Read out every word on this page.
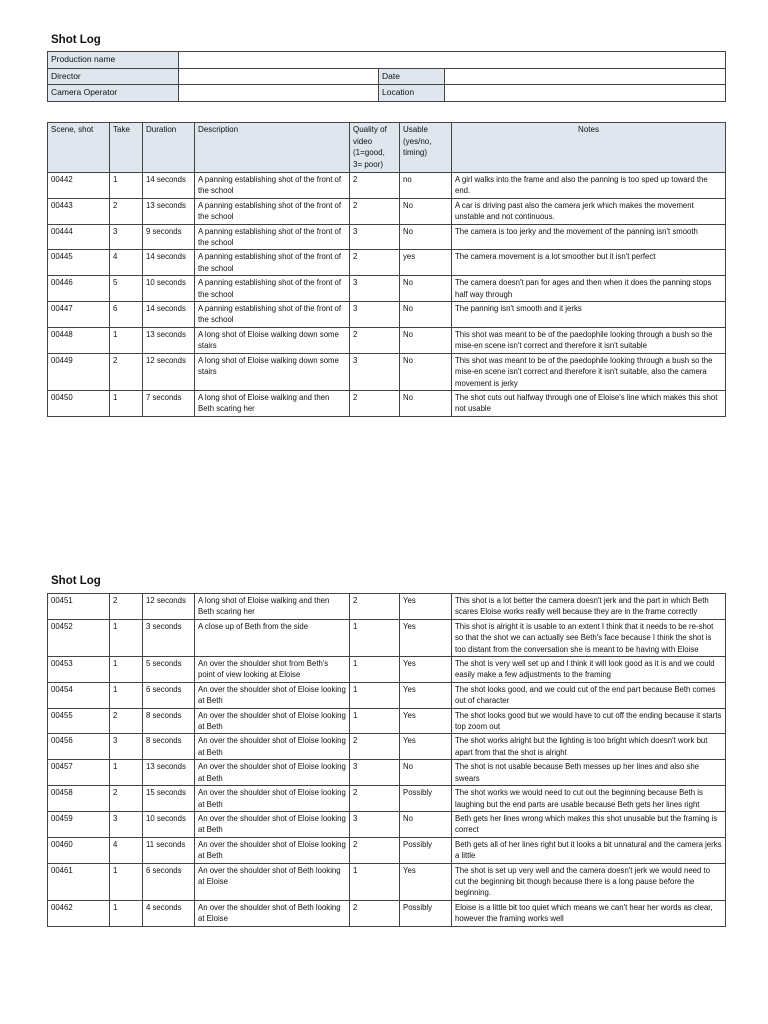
Shot Log
Production name			
Director		Date	
Camera Operator		Location	
Scene, shot	Take	Duration	Description	Quality of video (1=good, 3= poor)	Usable (yes/no, timing)	Notes
00442	1	14 seconds	A panning establishing shot of the front of the school	2	no	A girl walks into the frame and also the panning is too sped up toward the end.
00443	2	13 seconds	A panning establishing shot of the front of the school	2	No	A car is driving past also the camera jerk which makes the movement unstable and not continuous.
00444	3	9 seconds	A panning establishing shot of the front of the school	3	No	The camera is too jerky and the movement of the panning isn't smooth
00445	4	14 seconds	A panning establishing shot of the front of the school	2	yes	The camera movement is a lot smoother but it isn't perfect
00446	5	10 seconds	A panning establishing shot of the front of the school	3	No	The camera doesn't pan for ages and then when it does the panning stops half way through
00447	6	14 seconds	A panning establishing shot of the front of the school	3	No	The panning isn't smooth and it jerks
00448	1	13 seconds	A long shot of Eloise walking down some stairs	2	No	This shot was meant to be of the paedophile looking through a bush so the mise-en scene isn't correct and therefore it isn't suitable
00449	2	12 seconds	A long shot of Eloise walking down some stairs	3	No	This shot was meant to be of the paedophile looking through a bush so the mise-en scene isn't correct and therefore it isn't suitable, also the camera movement is jerky
00450	1	7 seconds	A long shot of Eloise walking and then Beth scaring her	2	No	The shot cuts out halfway through one of Eloise's line which makes this shot not usable
Shot Log
00451	2	12 seconds	A long shot of Eloise walking and then Beth scaring her	2	Yes	This shot is a lot better the camera doesn't jerk and the part in which Beth scares Eloise works really well because they are in the frame correctly
00452	1	3 seconds	A close up of Beth from the side	1	Yes	This shot is alright it is usable to an extent I think that it needs to be re-shot so that the shot we can actually see Beth's face because I think the shot is too distant from the conversation she is meant to be having with Eloise
00453	1	5 seconds	An over the shoulder shot from Beth's point of view looking at Eloise	1	Yes	The shot is very well set up and I think it will look good as it is and we could easily make a few adjustments to the framing
00454	1	6 seconds	An over the shoulder shot of Eloise looking at Beth	1	Yes	The shot looks good, and we could cut of the end part because Beth comes out of character
00455	2	8 seconds	An over the shoulder shot of Eloise looking at Beth	1	Yes	The shot looks good but we would have to cut off the ending because it starts top zoom out
00456	3	8 seconds	An over the shoulder shot of Eloise looking at Beth	2	Yes	The shot works alright but the lighting is too bright which doesn't work but apart from that the shot is alright
00457	1	13 seconds	An over the shoulder shot of Eloise looking at Beth	3	No	The shot is not usable because Beth messes up her lines and also she swears
00458	2	15 seconds	An over the shoulder shot of Eloise looking at Beth	2	Possibly	The shot works we would need to cut out the beginning because Beth is laughing but the end parts are usable because Beth gets her lines right
00459	3	10 seconds	An over the shoulder shot of Eloise looking at Beth	3	No	Beth gets her lines wrong which makes this shot unusable but the framing is correct
00460	4	11 seconds	An over the shoulder shot of Eloise looking at Beth	2	Possibly	Beth gets all of her lines right but it looks a bit unnatural and the camera jerks a little
00461	1	6 seconds	An over the shoulder shot of Beth looking at Eloise	1	Yes	The shot is set up very well and the camera doesn't jerk we would need to cut the beginning bit though because there is a long pause before the beginning.
00462	1	4 seconds	An over the shoulder shot of Beth looking at Eloise	2	Possibly	Eloise is a little bit too quiet which means we can't hear her words as clear, however the framing works well
